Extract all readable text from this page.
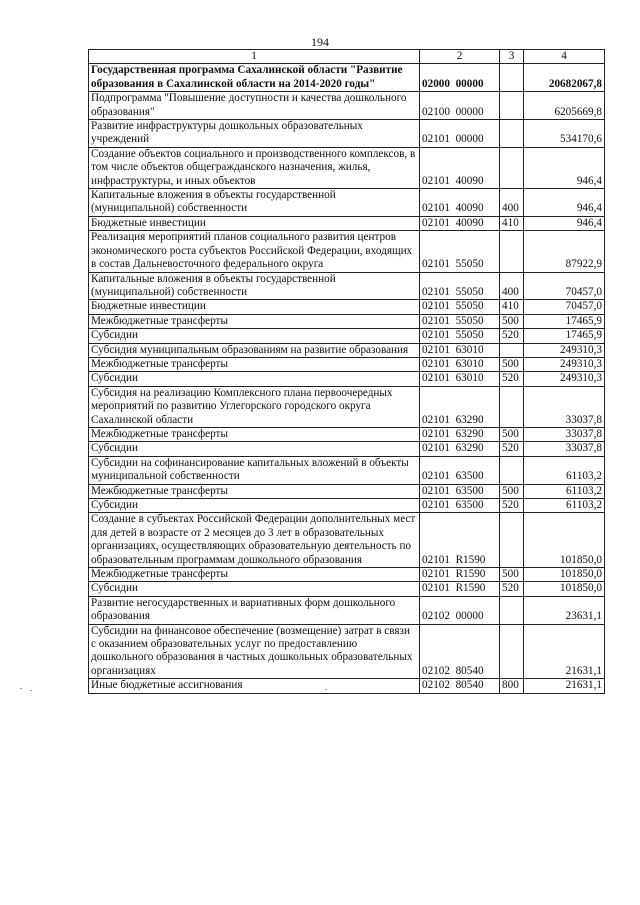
194
1	2	3	4
Государственная программа Сахалинской области "Развитие образования в Сахалинской области на 2014-2020 годы"	02000  00000		20682067,8
Подпрограмма "Повышение доступности и качества дошкольного образования"	02100  00000		6205669,8
Развитие инфраструктуры дошкольных образовательных учреждений	02101  00000		534170,6
Создание объектов социального и производственного комплексов, в том числе объектов общегражданского назначения, жилья, инфраструктуры, и иных объектов	02101  40090		946,4
Капитальные вложения в объекты государственной (муниципальной) собственности	02101  40090	400	946,4
Бюджетные инвестиции	02101  40090	410	946,4
Реализация мероприятий планов социального развития центров экономического роста субъектов Российской Федерации, входящих в состав Дальневосточного федерального округа	02101  55050		87922,9
Капитальные вложения в объекты государственной (муниципальной) собственности	02101  55050	400	70457,0
Бюджетные инвестиции	02101  55050	410	70457,0
Межбюджетные трансферты	02101  55050	500	17465,9
Субсидии	02101  55050	520	17465,9
Субсидия муниципальным образованиям на развитие образования	02101  63010		249310,3
Межбюджетные трансферты	02101  63010	500	249310,3
Субсидии	02101  63010	520	249310,3
Субсидия на реализацию Комплексного плана первоочередных мероприятий по развитию Углегорского городского округа Сахалинской области	02101  63290		33037,8
Межбюджетные трансферты	02101  63290	500	33037,8
Субсидии	02101  63290	520	33037,8
Субсидии на софинансирование капитальных вложений в объекты муниципальной собственности	02101  63500		61103,2
Межбюджетные трансферты	02101  63500	500	61103,2
Субсидии	02101  63500	520	61103,2
Создание в субъектах Российской Федерации дополнительных мест для детей в возрасте от 2 месяцев до 3 лет в образовательных организациях, осуществляющих образовательную деятельность по образовательным программам дошкольного образования	02101  R1590		101850,0
Межбюджетные трансферты	02101  R1590	500	101850,0
Субсидии	02101  R1590	520	101850,0
Развитие негосударственных и вариативных форм дошкольного образования	02102  00000		23631,1
Субсидии на финансовое обеспечение (возмещение) затрат в связи с оказанием образовательных услуг по предоставлению дошкольного образования в частных дошкольных образовательных организациях	02102  80540		21631,1
Иные бюджетные ассигнования	02102  80540	800	21631,1
